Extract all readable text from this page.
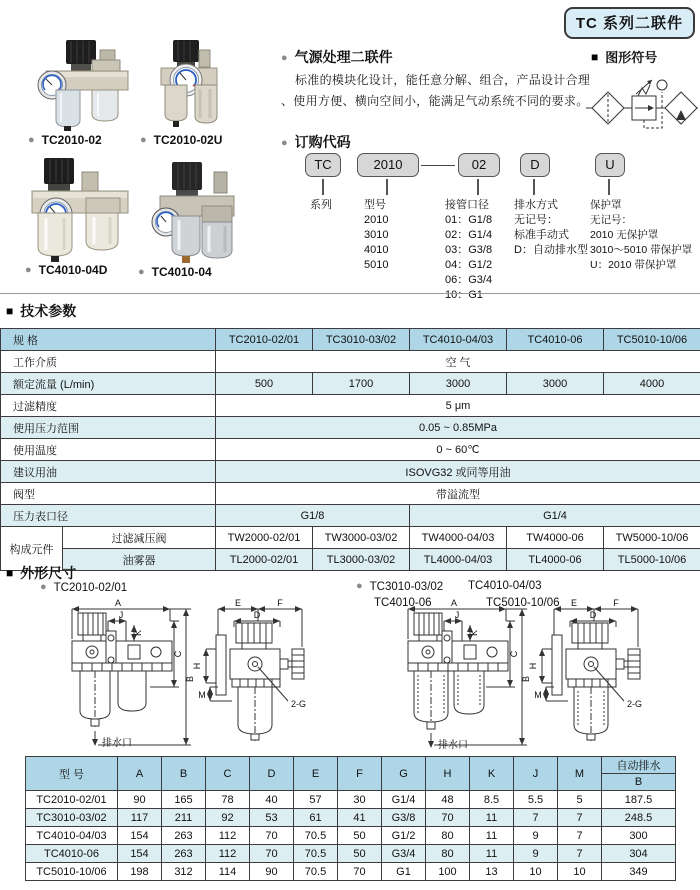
TC 系列二联件
● TC2010-02	● TC2010-02U
● TC4010-04D	● TC4010-04
● 气源处理二联件
标准的模块化设计，能任意分解、组合，产品设计合理
、使用方便、横向空间小，能满足气动系统不同的要求。
■ 图形符号
● 订购代码
TC	2010	02	D	U
系列	型号
2010
3010
4010
5010
接管口径
01：G1/8
02：G1/4
03：G3/8
04：G1/2
06：G3/4
10：G1
排水方式
无记号：
标准手动式
D：自动排水型
保护罩
无记号：
2010 无保护罩
3010～5010 带保护罩
U：2010 带保护罩
■ 技术参数
规 格		TC2010-02/01	TC3010-03/02	TC4010-04/03	TC4010-06	TC5010-10/06
工作介质		空 气				
额定流量 (L/min)		500	1700	3000	3000	4000
过滤精度		5 μm				
使用压力范围		0.05 ~ 0.85MPa				
使用温度		0 ~ 60℃				
建议用油		ISOVG32 或同等用油				
阀型		带溢流型				
压力表口径		G1/8		G1/4		
构成元件	过滤减压阀	TW2000-02/01	TW3000-03/02	TW4000-04/03	TW4000-06	TW5000-10/06
	油雾器	TL2000-02/01	TL3000-03/02	TL4000-04/03	TL4000-06	TL5000-10/06
■ 外形尺寸
● TC2010-02/01	● TC3010-03/02	TC4010-04/03
TC4010-06	TC5010-10/06
A
J
K
C
B
E	F
D
H
M
2-G
排水口
A
J
K
C
B
E	F
D
H
M
2-G
排水口
型 号	A	B	C	D	E	F	G	H	K	J	M	自动排水
												B
TC2010-02/01	90	165	78	40	57	30	G1/4	48	8.5	5.5	5	187.5
TC3010-03/02	117	211	92	53	61	41	G3/8	70	11	7	7	248.5
TC4010-04/03	154	263	112	70	70.5	50	G1/2	80	11	9	7	300
TC4010-06	154	263	112	70	70.5	50	G3/4	80	11	9	7	304
TC5010-10/06	198	312	114	90	70.5	70	G1	100	13	10	10	349
